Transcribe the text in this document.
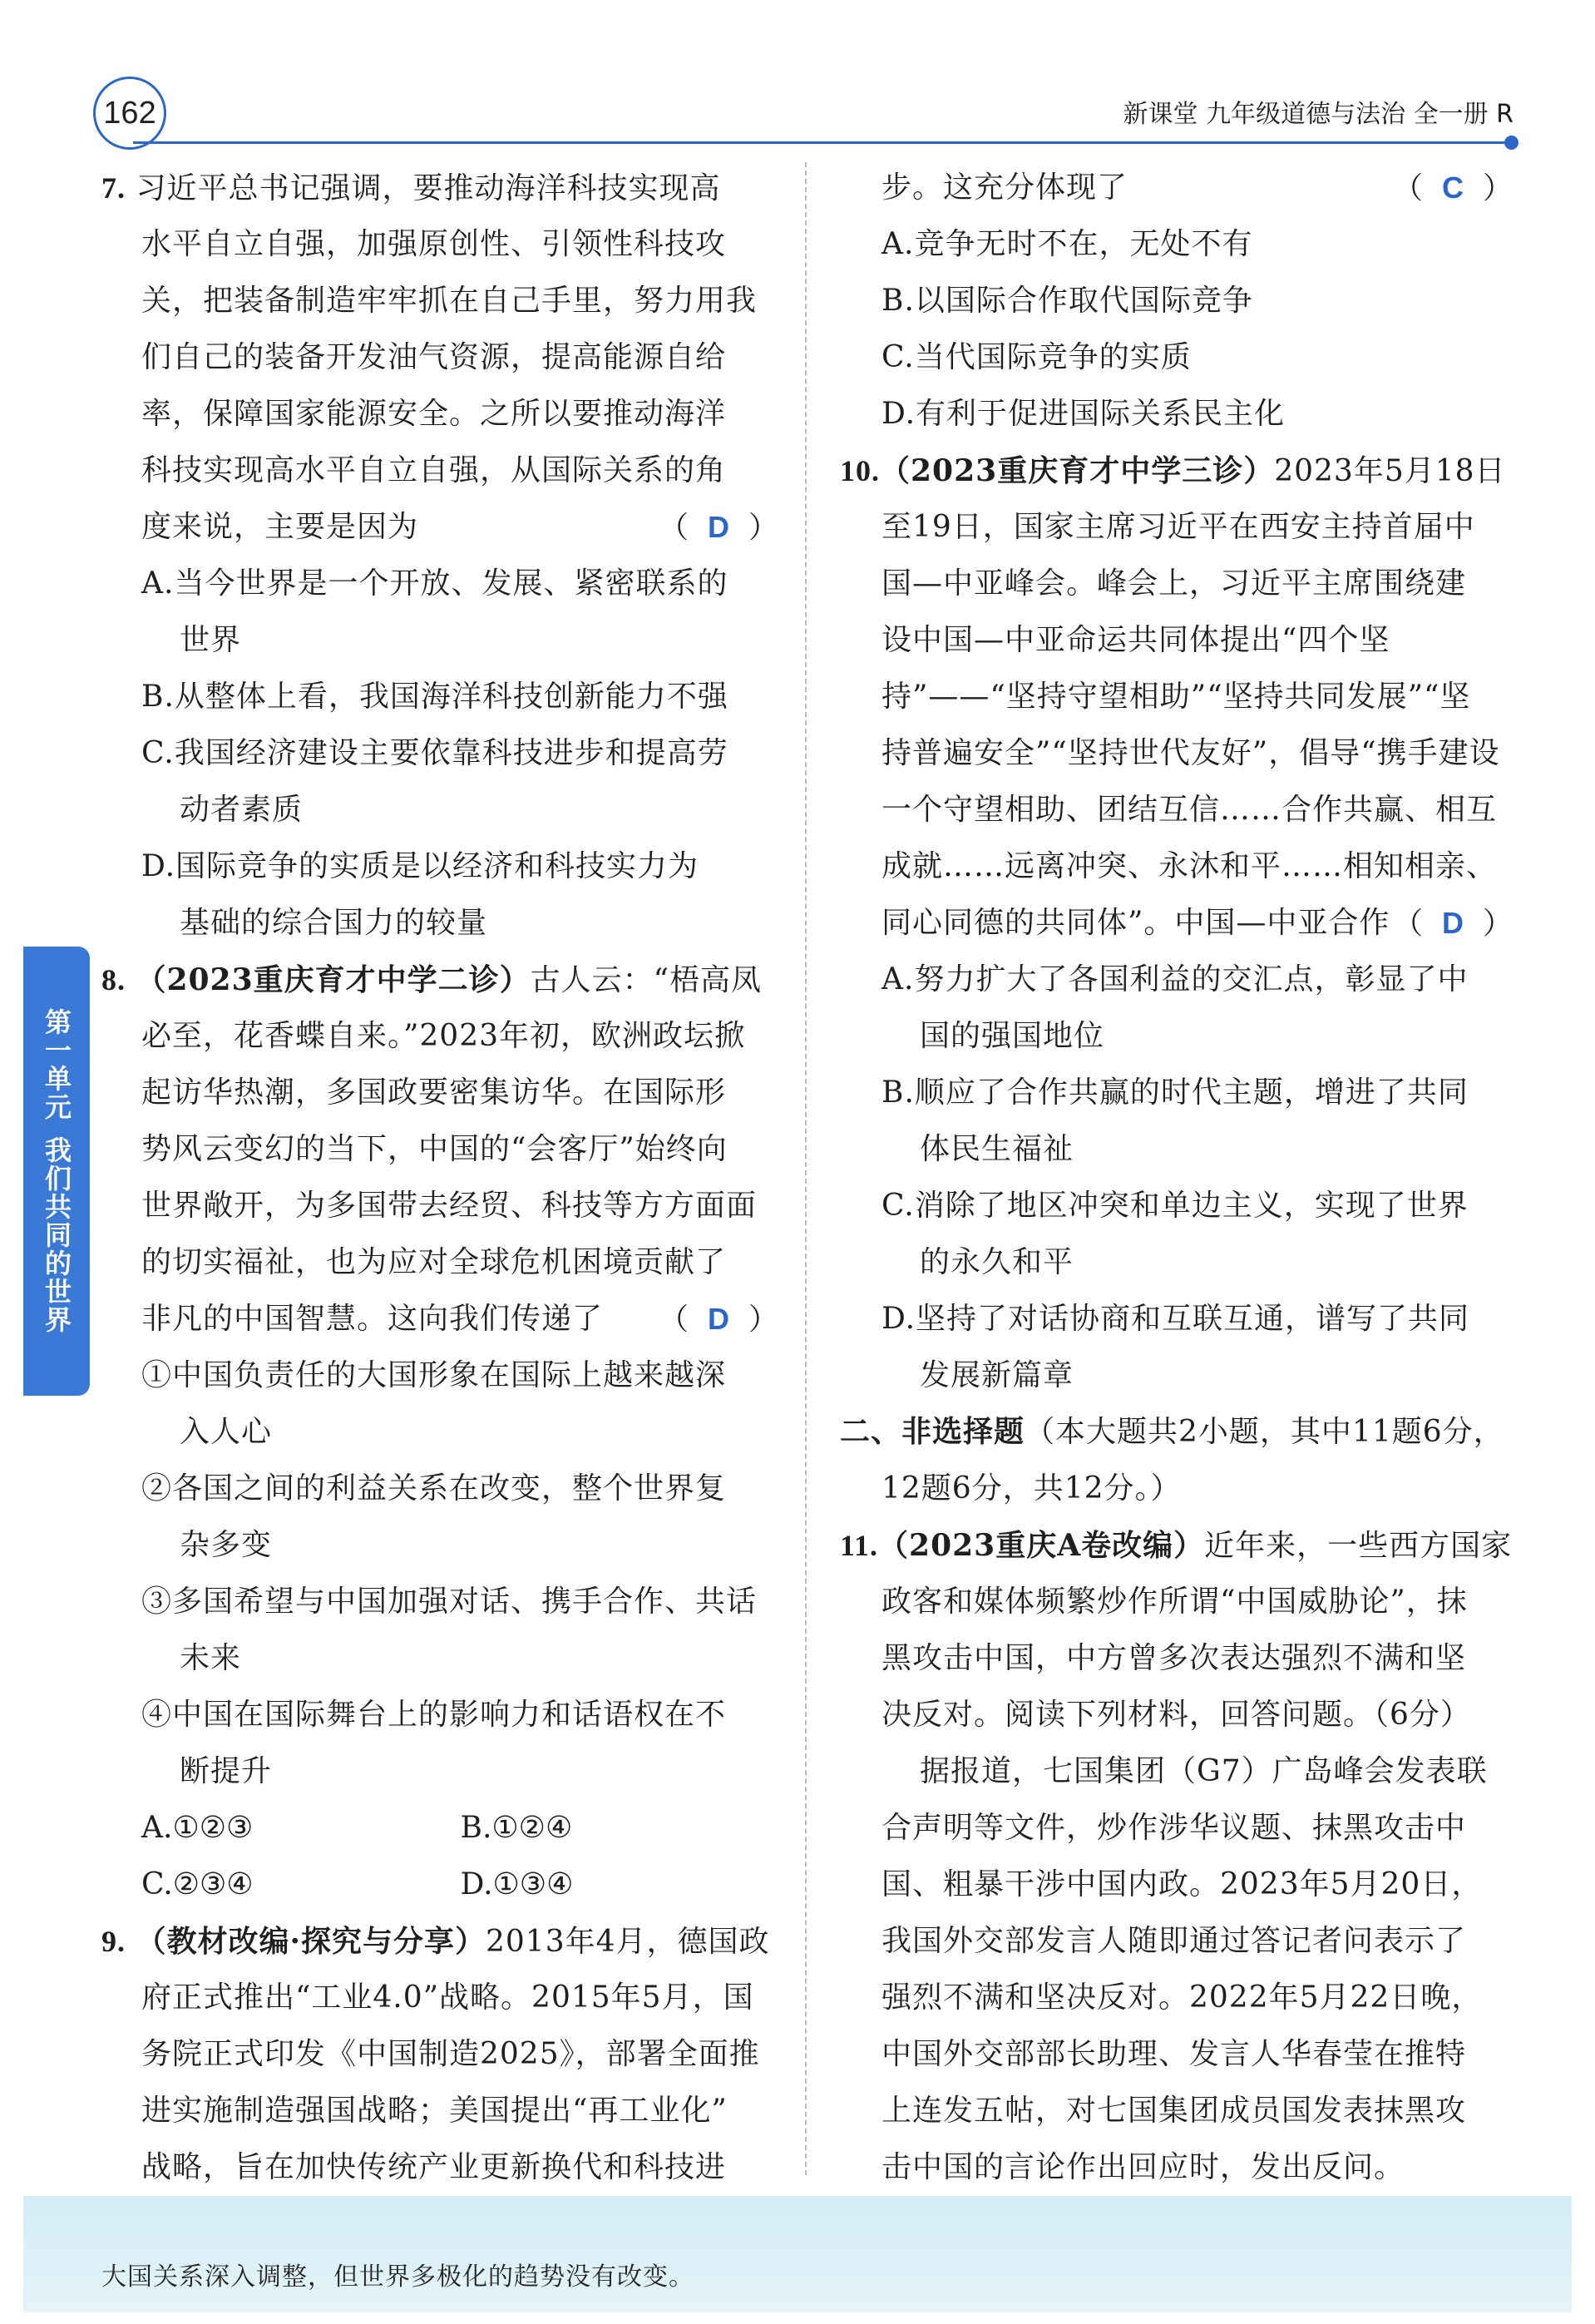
162	新课堂 九年级道德与法治 全一册 R
第一单元
我们共同的世界
7. 习近平总书记强调，要推动海洋科技实现高
水平自立自强，加强原创性、引领性科技攻
关，把装备制造牢牢抓在自己手里，努力用我
们自己的装备开发油气资源，提高能源自给
率，保障国家能源安全。之所以要推动海洋
科技实现高水平自立自强，从国际关系的角
度来说，主要是因为	（ D ）
A.当今世界是一个开放、发展、紧密联系的
世界
B.从整体上看，我国海洋科技创新能力不强
C.我国经济建设主要依靠科技进步和提高劳
动者素质
D.国际竞争的实质是以经济和科技实力为
基础的综合国力的较量
8. （2023重庆育才中学二诊）古人云：“梧高凤
必至，花香蝶自来。”2023年初，欧洲政坛掀
起访华热潮，多国政要密集访华。在国际形
势风云变幻的当下，中国的“会客厅”始终向
世界敞开，为多国带去经贸、科技等方方面面
的切实福祉，也为应对全球危机困境贡献了
非凡的中国智慧。这向我们传递了 （ D ）
①中国负责任的大国形象在国际上越来越深
入人心
②各国之间的利益关系在改变，整个世界复
杂多变
③多国希望与中国加强对话、携手合作、共话
未来
④中国在国际舞台上的影响力和话语权在不
断提升
A.①②③	B.①②④
C.②③④	D.①③④
9. （教材改编·探究与分享）2013年4月，德国政
府正式推出“工业4.0”战略。2015年5月，国
务院正式印发《中国制造2025》，部署全面推
进实施制造强国战略；美国提出“再工业化”
战略，旨在加快传统产业更新换代和科技进
步。这充分体现了	（ C ）
A.竞争无时不在，无处不有
B.以国际合作取代国际竞争
C.当代国际竞争的实质
D.有利于促进国际关系民主化
10.（2023重庆育才中学三诊）2023年5月18日
至19日，国家主席习近平在西安主持首届中
国—中亚峰会。峰会上，习近平主席围绕建
设中国—中亚命运共同体提出“四个坚
持”——“坚持守望相助”“坚持共同发展”“坚
持普遍安全”“坚持世代友好”，倡导“携手建设
一个守望相助、团结互信……合作共赢、相互
成就……远离冲突、永沐和平……相知相亲、
同心同德的共同体”。中国—中亚合作 （ D ）
A.努力扩大了各国利益的交汇点，彰显了中
国的强国地位
B.顺应了合作共赢的时代主题，增进了共同
体民生福祉
C.消除了地区冲突和单边主义，实现了世界
的永久和平
D.坚持了对话协商和互联互通，谱写了共同
发展新篇章
二、非选择题（本大题共2小题，其中11题6分，
12题6分，共12分。）
11.（2023重庆A卷改编）近年来，一些西方国家
政客和媒体频繁炒作所谓“中国威胁论”，抹
黑攻击中国，中方曾多次表达强烈不满和坚
决反对。阅读下列材料，回答问题。（6分）
据报道，七国集团（G7）广岛峰会发表联
合声明等文件，炒作涉华议题、抹黑攻击中
国、粗暴干涉中国内政。2023年5月20日，
我国外交部发言人随即通过答记者问表示了
强烈不满和坚决反对。2022年5月22日晚，
中国外交部部长助理、发言人华春莹在推特
上连发五帖，对七国集团成员国发表抹黑攻
击中国的言论作出回应时，发出反问。
大国关系深入调整，但世界多极化的趋势没有改变。
